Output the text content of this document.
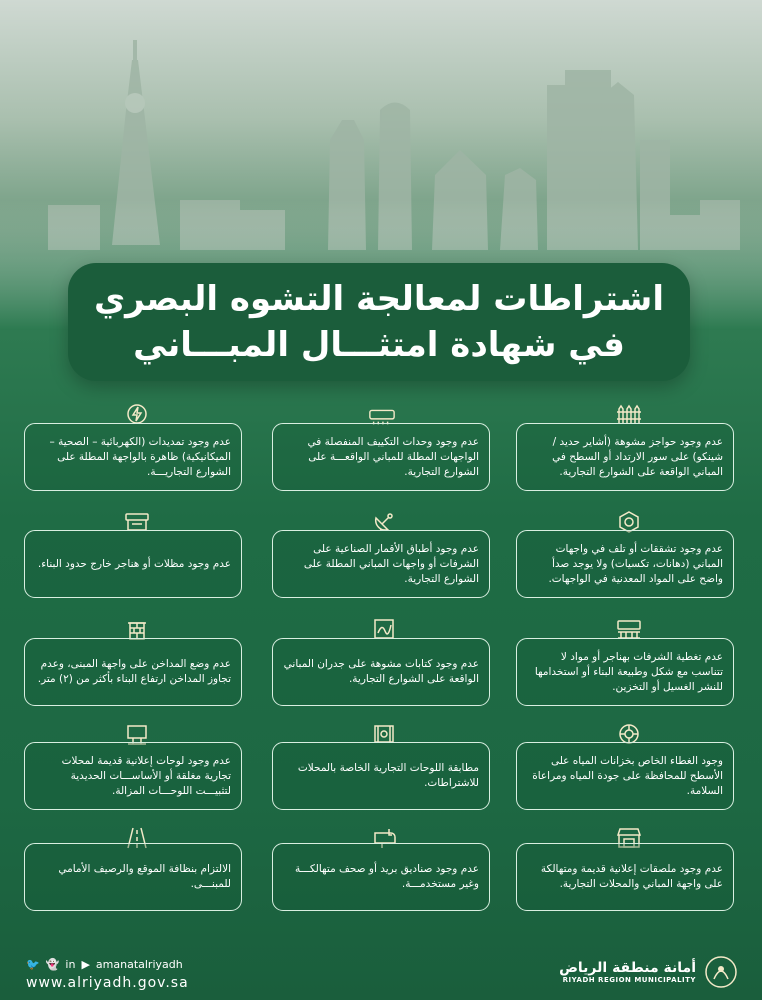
اشتراطات لمعالجة التشوه البصري
في شهادة امتثـــال المبـــاني
عدم وجود حواجز مشوهة (أشاير حديد / شينكو) على سور الارتداد أو السطح في المباني الواقعة على الشوارع التجارية.
عدم وجود وحدات التكييف المنفصلة في الواجهات المطلة للمباني الواقعـــة على الشوارع التجارية.
عدم وجود تمديدات (الكهربائية – الصحية – الميكانيكية) ظاهرة بالواجهة المطلة على الشوارع التجاريـــة.
عدم وجود تشققات أو تلف في واجهات المباني (دهانات، تكسيات) ولا يوجد صدأ واضح على المواد المعدنية في الواجهات.
عدم وجود أطباق الأقمار الصناعية على الشرفات أو واجهات المباني المطلة على الشوارع التجارية.
عدم وجود مظلات أو هناجر خارج حدود البناء.
عدم تغطية الشرفات بهناجر أو مواد لا تتناسب مع شكل وطبيعة البناء أو استخدامها للنشر الغسيل أو التخزين.
عدم وجود كتابات مشوهة على جدران المباني الواقعة على الشوارع التجارية.
عدم وضع المداخن على واجهة المبنى، وعدم تجاوز المداخن ارتفاع البناء بأكثر من (٢) متر.
وجود الغطاء الخاص بخزانات المياه على الأسطح للمحافظة على جودة المياه ومراعاة السلامة.
مطابقة اللوحات التجارية الخاصة بالمحلات للاشتراطات.
عدم وجود لوحات إعلانية قديمة لمحلات تجارية مغلقة أو الأساســـات الحديدية لتثبيـــت اللوحـــات المزالة.
عدم وجود ملصقات إعلانية قديمة ومتهالكة على واجهة المباني والمحلات التجارية.
عدم وجود صناديق بريد أو صحف متهالكـــة وغير مستخدمـــة.
الالتزام بنظافة الموقع والرصيف الأمامي للمبنـــى.
🐦 👻 in ▶ amanatalriyadh
www.alriyadh.gov.sa
أمانة منطقة الرياض
RIYADH REGION MUNICIPALITY
